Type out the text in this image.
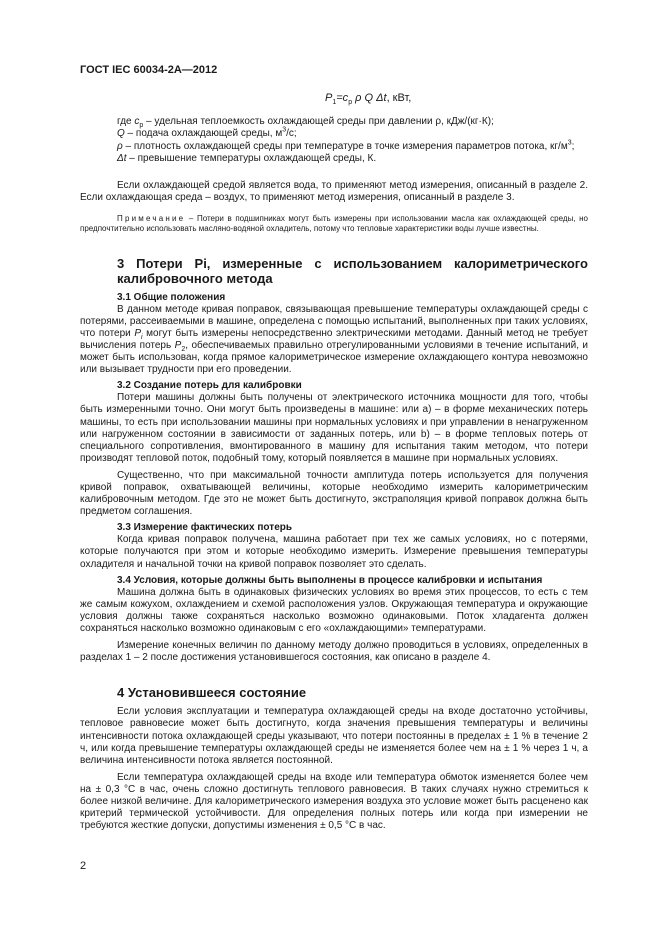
ГОСТ IEC 60034-2А—2012
$P_1=c_p$ ρ Q Δt, кВт,
где $c_p$ – удельная теплоемкость охлаждающей среды при давлении ρ, кДж/(кг·К);
Q – подача охлаждающей среды, $м^3/с$;
ρ – плотность охлаждающей среды при температуре в точке измерения параметров потока, $кг/м^3$;
Δt – превышение температуры охлаждающей среды, К.

Если охлаждающей средой является вода, то применяют метод измерения, описанный в разделе 2. Если охлаждающая среда – воздух, то применяют метод измерения, описанный в разделе 3.

Примечание – Потери в подшипниках могут быть измерены при использовании масла как охлаждающей среды, но предпочтительно использовать масляно-водяной охладитель, потому что тепловые характеристики воды лучше известны.
3 Потери Pi, измеренные с использованием калориметрического калибровочного метода
3.1 Общие положения

В данном методе кривая поправок, связывающая превышение температуры охлаждающей среды с потерями, рассеиваемыми в машине, определена с помощью испытаний, выполненных при таких условиях, что потери $P_i$ могут быть измерены непосредственно электрическими методами. Данный метод не требует вычисления потерь $P_2$, обеспечиваемых правильно отрегулированными условиями в течение испытаний, и может быть использован, когда прямое калориметрическое измерение охлаждающего контура невозможно или вызывает трудности при его проведении.

3.2 Создание потерь для калибровки

Потери машины должны быть получены от электрического источника мощности для того, чтобы быть измеренными точно. Они могут быть произведены в машине: или а) – в форме механических потерь машины, то есть при использовании машины при нормальных условиях и при управлении в ненагруженном или нагруженном состоянии в зависимости от заданных потерь, или b) – в форме тепловых потерь от специального сопротивления, вмонтированного в машину для испытания таким методом, что потери производят тепловой поток, подобный тому, который появляется в машине при нормальных условиях.

Существенно, что при максимальной точности амплитуда потерь используется для получения кривой поправок, охватывающей величины, которые необходимо измерить калориметрическим калибровочным методом. Где это не может быть достигнуто, экстраполяция кривой поправок должна быть предметом соглашения.

3.3 Измерение фактических потерь

Когда кривая поправок получена, машина работает при тех же самых условиях, но с потерями, которые получаются при этом и которые необходимо измерить. Измерение превышения температуры охладителя и начальной точки на кривой поправок позволяет это сделать.

3.4 Условия, которые должны быть выполнены в процессе калибровки и испытания

Машина должна быть в одинаковых физических условиях во время этих процессов, то есть с тем же самым кожухом, охлаждением и схемой расположения узлов. Окружающая температура и окружающие условия должны также сохраняться насколько возможно одинаковыми. Поток хладагента должен сохраняться насколько возможно одинаковым с его «охлаждающими» температурами.

Измерение конечных величин по данному методу должно проводиться в условиях, определенных в разделах 1 – 2 после достижения установившегося состояния, как описано в разделе 4.

4 Установившееся состояние

Если условия эксплуатации и температура охлаждающей среды на входе достаточно устойчивы, тепловое равновесие может быть достигнуто, когда значения превышения температуры и величины интенсивности потока охлаждающей среды указывают, что потери постоянны в пределах ± 1 % в течение 2 ч, или когда превышение температуры охлаждающей среды не изменяется более чем на ± 1 % через 1 ч, а величина интенсивности потока является постоянной.

Если температура охлаждающей среды на входе или температура обмоток изменяется более чем на ± 0,3 °С в час, очень сложно достигнуть теплового равновесия. В таких случаях нужно стремиться к более низкой величине. Для калориметрического измерения воздуха это условие может быть расценено как критерий термической устойчивости. Для определения полных потерь или когда при измерении не требуются жесткие допуски, допустимы изменения ± 0,5 °С в час.

2
